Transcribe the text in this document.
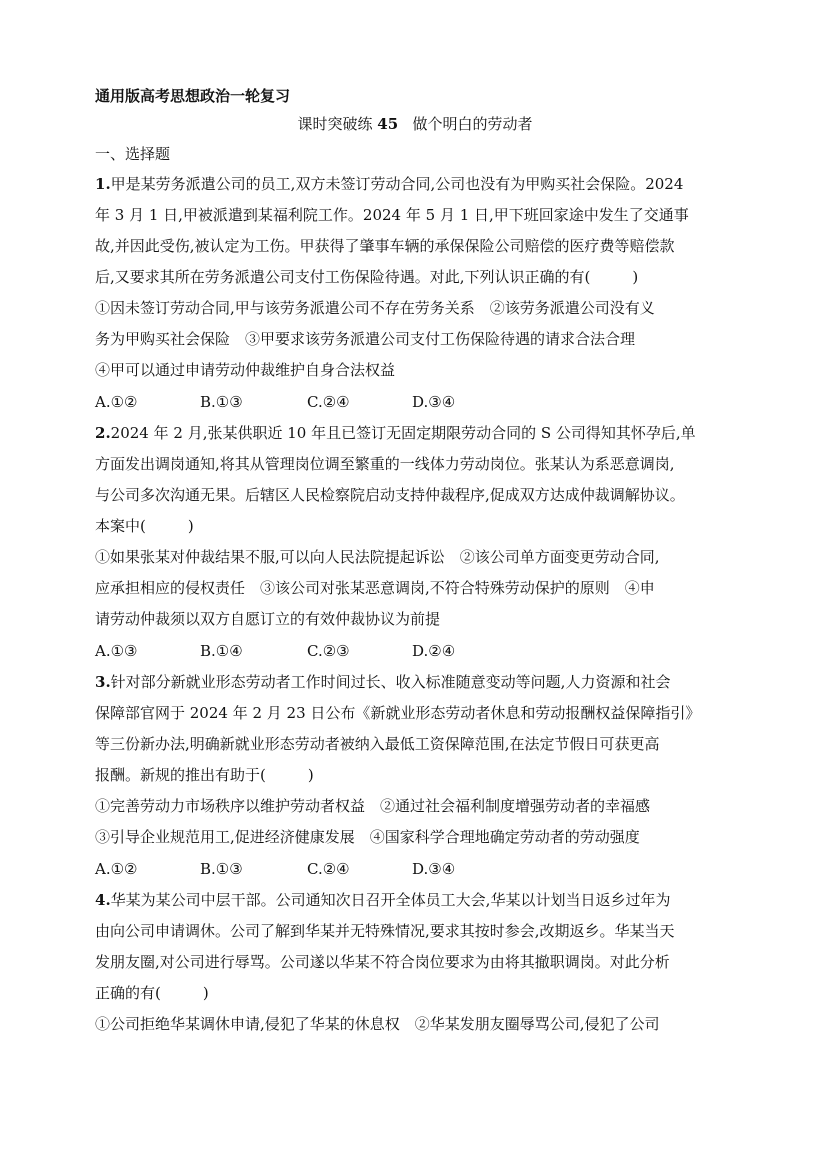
通用版高考思想政治一轮复习
课时突破练 45 做个明白的劳动者
一、选择题
1.甲是某劳务派遣公司的员工,双方未签订劳动合同,公司也没有为甲购买社会保险。2024
年 3 月 1 日,甲被派遣到某福利院工作。2024 年 5 月 1 日,甲下班回家途中发生了交通事
故,并因此受伤,被认定为工伤。甲获得了肇事车辆的承保保险公司赔偿的医疗费等赔偿款
后,又要求其所在劳务派遣公司支付工伤保险待遇。对此,下列认识正确的有(	)
①因未签订劳动合同,甲与该劳务派遣公司不存在劳务关系　②该劳务派遣公司没有义
务为甲购买社会保险　③甲要求该劳务派遣公司支付工伤保险待遇的请求合法合理
④甲可以通过申请劳动仲裁维护自身合法权益
A.①②	B.①③	C.②④	D.③④
2.2024 年 2 月,张某供职近 10 年且已签订无固定期限劳动合同的 S 公司得知其怀孕后,单
方面发出调岗通知,将其从管理岗位调至繁重的一线体力劳动岗位。张某认为系恶意调岗,
与公司多次沟通无果。后辖区人民检察院启动支持仲裁程序,促成双方达成仲裁调解协议。
本案中(	)
①如果张某对仲裁结果不服,可以向人民法院提起诉讼　②该公司单方面变更劳动合同,
应承担相应的侵权责任　③该公司对张某恶意调岗,不符合特殊劳动保护的原则　④申
请劳动仲裁须以双方自愿订立的有效仲裁协议为前提
A.①③	B.①④	C.②③	D.②④
3.针对部分新就业形态劳动者工作时间过长、收入标准随意变动等问题,人力资源和社会
保障部官网于 2024 年 2 月 23 日公布《新就业形态劳动者休息和劳动报酬权益保障指引》
等三份新办法,明确新就业形态劳动者被纳入最低工资保障范围,在法定节假日可获更高
报酬。新规的推出有助于(	)
①完善劳动力市场秩序以维护劳动者权益　②通过社会福利制度增强劳动者的幸福感
③引导企业规范用工,促进经济健康发展　④国家科学合理地确定劳动者的劳动强度
A.①②	B.①③	C.②④	D.③④
4.华某为某公司中层干部。公司通知次日召开全体员工大会,华某以计划当日返乡过年为
由向公司申请调休。公司了解到华某并无特殊情况,要求其按时参会,改期返乡。华某当天
发朋友圈,对公司进行辱骂。公司遂以华某不符合岗位要求为由将其撤职调岗。对此分析
正确的有(	)
①公司拒绝华某调休申请,侵犯了华某的休息权　②华某发朋友圈辱骂公司,侵犯了公司
